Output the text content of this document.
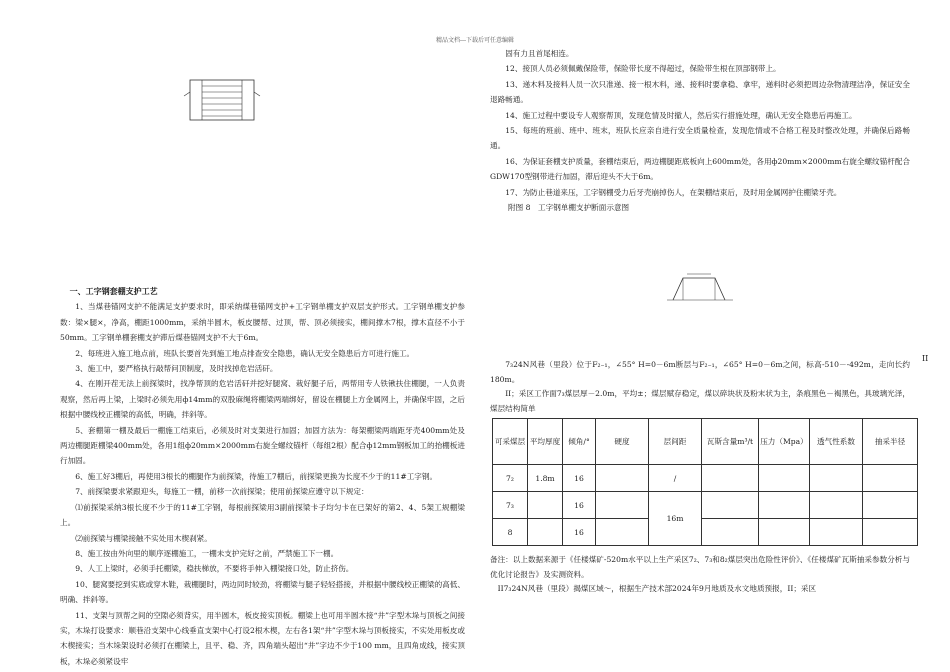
精品文档---下载后可任意编辑

一、工字钢套棚支护工艺

1、当煤巷锚网支护不能满足支护要求时，即采纳煤巷锚网支护+工字钢单棚支护双层支护形式。工字钢单棚支护参数：梁×腿×，净高，棚距1000mm，采纳半圆木，板皮腰帮、过顶，帮、顶必须接实，棚间撑木7根，撑木直径不小于50mm。工字钢单棚套棚支护滞后煤巷锚网支护不大于6m。

2、每班进入施工地点前，班队长要首先到施工地点排查安全隐患，确认无安全隐患后方可进行施工。

3、施工中，要严格执行敲帮问顶制度，及时找掉危岩活矸。

4、在刚开茬无法上前探梁时，找净帮顶的危岩活矸并挖好腿窝、栽好腿子后，两帮用专人铁锹扶住棚腿，一人负责观察，然后再上梁，上梁时必须先用ф14mm的双股麻绳将棚梁两端绑好，留设在棚腿上方金属网上，并确保牢固，之后根据中腰线校正棚梁的高低，明确，拌斜等。

5、套棚第一棚及最后一棚施工结束后，必须及时对支架进行加固；加固方法为：每架棚梁两端距牙壳400mm处及两边棚腿距棚梁400mm处，各用1组ф20mm×2000mm右旋全螺纹锚杆（每组2根）配合ф12mm钢板加工的抬棚板进行加固。

6、施工好3棚后，再使用3根长的棚腿作为前探梁，待施工7棚后，前探梁更换为长度不少于的11#工字钢。

7、前探梁要求紧跟迎头，每施工一棚，前移一次前探梁；使用前探梁应遵守以下规定：

⑴前探梁采纳3根长度不少于的11#工字钢，每根前探梁用3副前探梁卡子均匀卡在已架好的第2、4、5架工规棚梁上。

⑵前探梁与棚梁接触不实处用木楔刹紧。

8、施工按由外向里的顺序逐棚施工，一棚未支护完好之前，严禁施工下一棚。

9、人工上梁时，必须手托棚梁，稳扶梯放，不要将手伸入棚梁接口处，防止挤伤。

10、腿窝要挖到实底或穿木鞋，栽棚腿时，两边同时较劲，将棚梁与腿子轻轻搭接，并根据中腰线校正棚梁的高低、明确、拌斜等。

11、支架与顶帮之间的空隙必须背实，用半圆木，板皮接实顶板。棚梁上也可用半圆木接“井”字型木垛与顶板之间接实，木垛打设要求：顺巷沿支架中心线垂直支架中心打设2根木楔，左右各1架“井”字型木垛与顶板接实，不实处用板皮或木楔接实；当木垛架设时必须打在棚梁上，且平、稳、齐，四角端头超出“井”字边不少于100 mm，且四角成线，接实顶板，木垛必须紧设牢

固有力且首尾相连。

12、接顶人员必须佩戴保险带，保险带长度不得超过，保险带生根在顶部钢带上。

13、递木料及接料人员一次只准递、接一根木料，递、接料时要拿稳、拿牢，递料时必须把周边杂物清理洁净，保证安全退路畅通。

14、施工过程中要设专人观察帮顶，发现危情及时撤人，然后实行措施处理，确认无安全隐患后再施工。

15、每班的班前、班中、班末，班队长应亲自进行安全质量检查，发现危情或不合格工程及时整改处理，并确保后路畅通。

16、为保证套棚支护质量，套棚结束后，两边棚腿距底板向上600mm处，各用ф20mm×2000mm右旋全螺纹锚杆配合GDW170型钢带进行加固，滞后迎头不大于6m。

17、为防止巷道来压，工字钢棚受力后牙壳崩掉伤人，在架棚结束后，及时用金属网护住棚梁牙壳。

附图 8　工字钢单棚支护断面示意图

II

7₃24N风巷（里段）位于F₂₋₁，∠55° H=0－6m断层与F₂₋₁，∠65° H=0－6m之间，标高-510－-492m，走向长约180m。

II；采区工作面7₃煤层厚－2.0m，平均±；煤层赋存稳定，煤以碎块状及粉末状为主，条痕黑色－褐黑色，具玻璃光泽，煤层结构简单

可采煤层	平均厚度	倾角/°	硬度	层间距	瓦斯含量m³/t	压力（Mpa）	透气性系数	抽采半径
7₂	1.8m	16		/				
7₃		16		16m				
8		16						

备注：以上数据来源于《任楼煤矿-520m水平以上生产采区7₂、7₃和8₂煤层突出危险性评价》、《任楼煤矿瓦斯抽采参数分析与优化讨论报告》及实测资料。

II7₃24N风巷（里段）揭煤区域～，根据生产技术部2024年9月地质及水文地质预报，II；采区
